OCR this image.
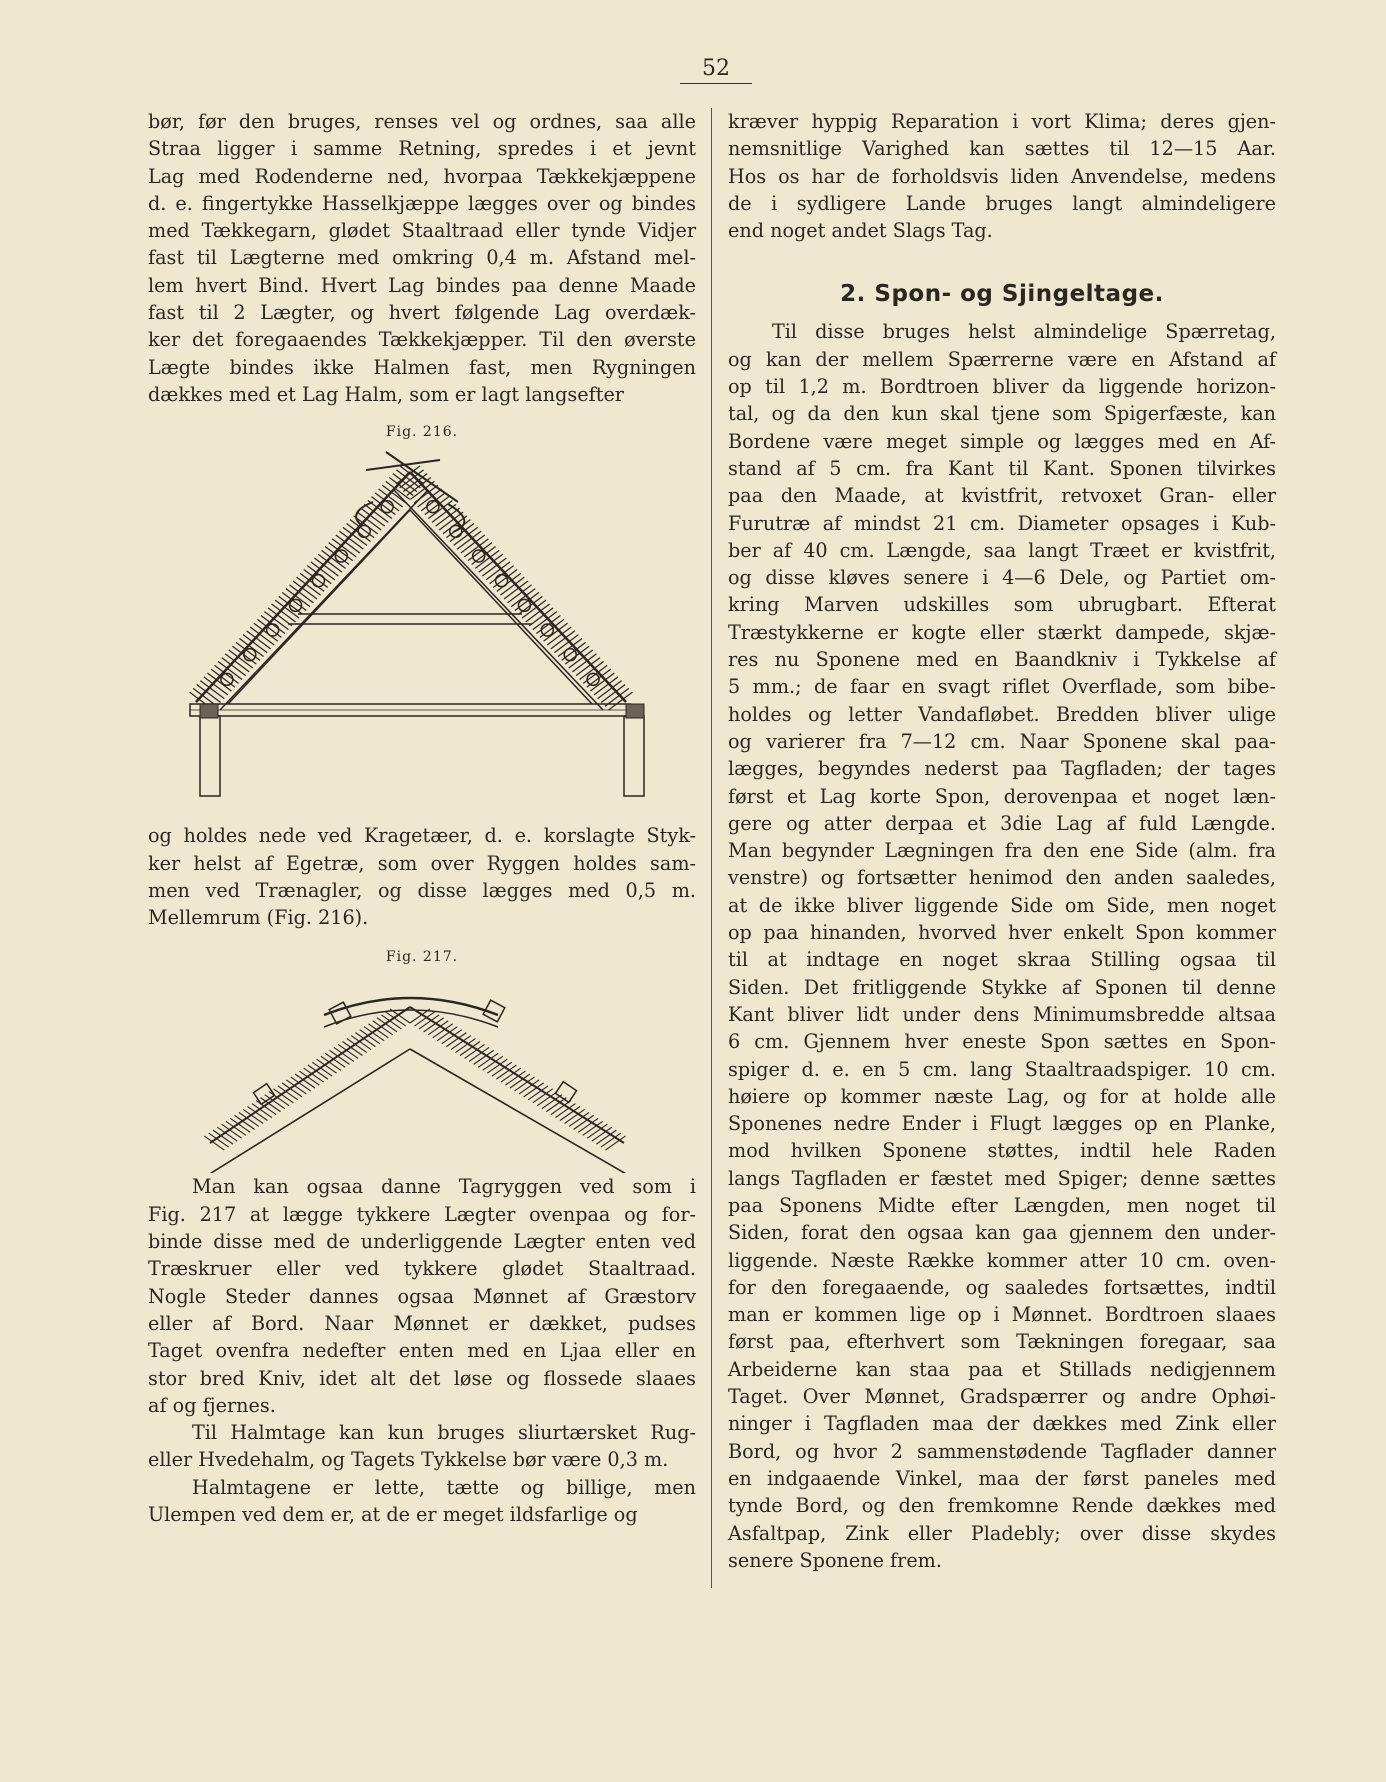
52

bør, før den bruges, renses vel og ordnes, saa alle
Straa ligger i samme Retning, spredes i et jevnt
Lag med Rodenderne ned, hvorpaa Tækkekjæppene
d. e. fingertykke Hasselkjæppe lægges over og bindes
med Tækkegarn, glødet Staaltraad eller tynde Vidjer
fast til Lægterne med omkring 0,4 m. Afstand mel-
lem hvert Bind. Hvert Lag bindes paa denne Maade
fast til 2 Lægter, og hvert følgende Lag overdæk-
ker det foregaaendes Tækkekjæpper. Til den øverste
Lægte bindes ikke Halmen fast, men Rygningen
dækkes med et Lag Halm, som er lagt langsefter

Fig. 216.

og holdes nede ved Kragetæer, d. e. korslagte Styk-
ker helst af Egetræ, som over Ryggen holdes sam-
men ved Trænagler, og disse lægges med 0,5 m.
Mellemrum (Fig. 216).

Fig. 217.

Man kan ogsaa danne Tagryggen ved som i
Fig. 217 at lægge tykkere Lægter ovenpaa og for-
binde disse med de underliggende Lægter enten ved
Træskruer eller ved tykkere glødet Staaltraad.
Nogle Steder dannes ogsaa Mønnet af Græstorv
eller af Bord. Naar Mønnet er dækket, pudses
Taget ovenfra nedefter enten med en Ljaa eller en
stor bred Kniv, idet alt det løse og flossede slaaes
af og fjernes.

Til Halmtage kan kun bruges sliurtærsket Rug-
eller Hvedehalm, og Tagets Tykkelse bør være 0,3 m.

Halmtagene er lette, tætte og billige, men
Ulempen ved dem er, at de er meget ildsfarlige og

kræver hyppig Reparation i vort Klima; deres gjen-
nemsnitlige Varighed kan sættes til 12—15 Aar.
Hos os har de forholdsvis liden Anvendelse, medens
de i sydligere Lande bruges langt almindeligere
end noget andet Slags Tag.

2. Spon- og Sjingeltage.

Til disse bruges helst almindelige Spærretag,
og kan der mellem Spærrerne være en Afstand af
op til 1,2 m. Bordtroen bliver da liggende horizon-
tal, og da den kun skal tjene som Spigerfæste, kan
Bordene være meget simple og lægges med en Af-
stand af 5 cm. fra Kant til Kant. Sponen tilvirkes
paa den Maade, at kvistfrit, retvoxet Gran- eller
Furutræ af mindst 21 cm. Diameter opsages i Kub-
ber af 40 cm. Længde, saa langt Træet er kvistfrit,
og disse kløves senere i 4—6 Dele, og Partiet om-
kring Marven udskilles som ubrugbart. Efterat
Træstykkerne er kogte eller stærkt dampede, skjæ-
res nu Sponene med en Baandkniv i Tykkelse af
5 mm.; de faar en svagt riflet Overflade, som bibe-
holdes og letter Vandafløbet. Bredden bliver ulige
og varierer fra 7—12 cm. Naar Sponene skal paa-
lægges, begyndes nederst paa Tagfladen; der tages
først et Lag korte Spon, derovenpaa et noget læn-
gere og atter derpaa et 3die Lag af fuld Længde.
Man begynder Lægningen fra den ene Side (alm. fra
venstre) og fortsætter henimod den anden saaledes,
at de ikke bliver liggende Side om Side, men noget
op paa hinanden, hvorved hver enkelt Spon kommer
til at indtage en noget skraa Stilling ogsaa til
Siden. Det fritliggende Stykke af Sponen til denne
Kant bliver lidt under dens Minimumsbredde altsaa
6 cm. Gjennem hver eneste Spon sættes en Spon-
spiger d. e. en 5 cm. lang Staaltraadspiger. 10 cm.
høiere op kommer næste Lag, og for at holde alle
Sponenes nedre Ender i Flugt lægges op en Planke,
mod hvilken Sponene støttes, indtil hele Raden
langs Tagfladen er fæstet med Spiger; denne sættes
paa Sponens Midte efter Længden, men noget til
Siden, forat den ogsaa kan gaa gjennem den under-
liggende. Næste Række kommer atter 10 cm. oven-
for den foregaaende, og saaledes fortsættes, indtil
man er kommen lige op i Mønnet. Bordtroen slaaes
først paa, efterhvert som Tækningen foregaar, saa
Arbeiderne kan staa paa et Stillads nedigjennem
Taget. Over Mønnet, Gradspærrer og andre Ophøi-
ninger i Tagfladen maa der dækkes med Zink eller
Bord, og hvor 2 sammenstødende Tagflader danner
en indgaaende Vinkel, maa der først paneles med
tynde Bord, og den fremkomne Rende dækkes med
Asfaltpap, Zink eller Pladebly; over disse skydes
senere Sponene frem.
